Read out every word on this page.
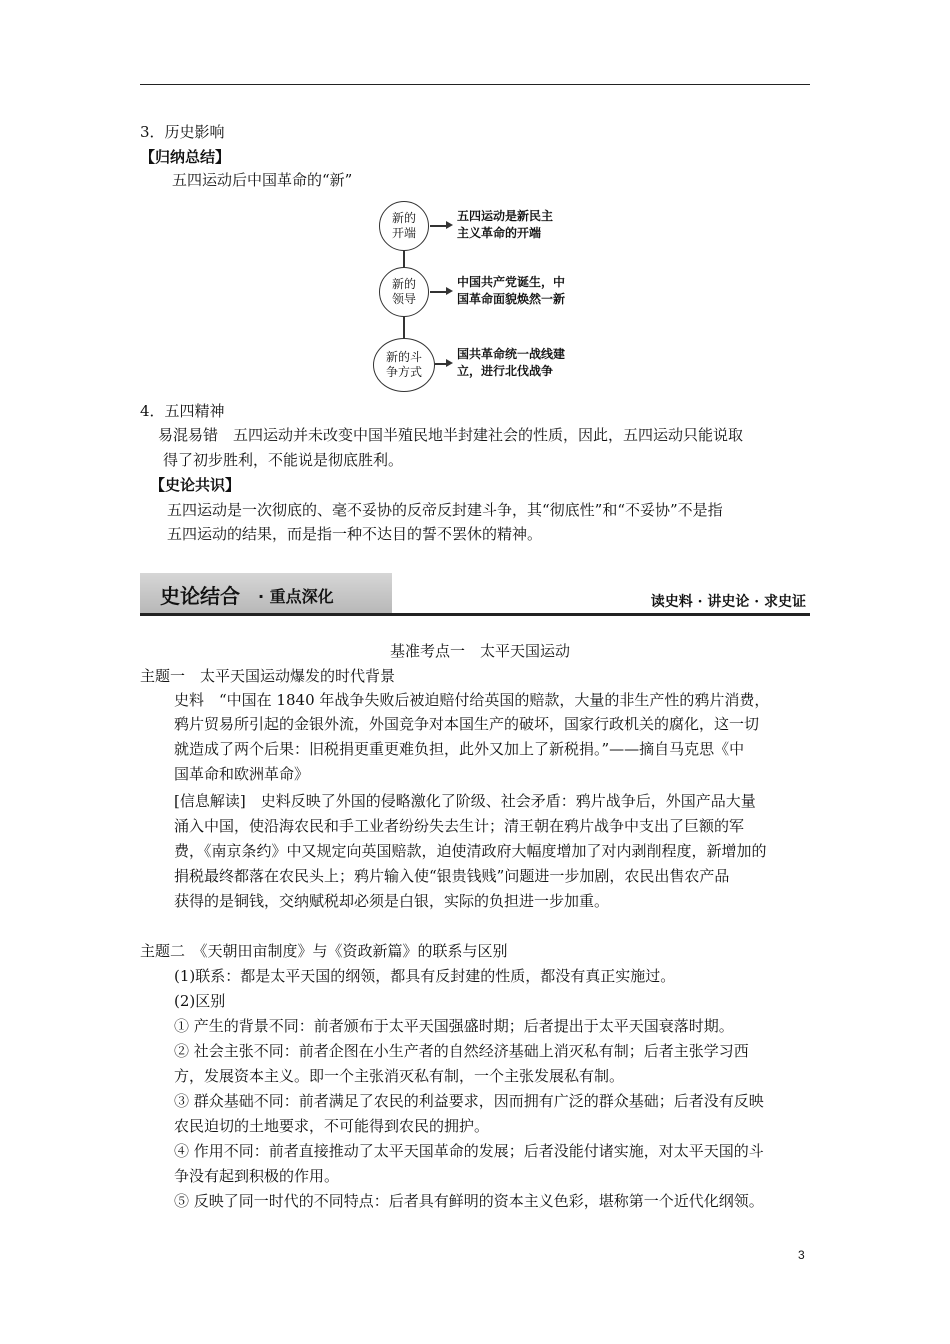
3．历史影响
【归纳总结】
五四运动后中国革命的“新”
新的
开端
五四运动是新民主
主义革命的开端
新的
领导
中国共产党诞生，中
国革命面貌焕然一新
新的斗
争方式
国共革命统一战线建
立，进行北伐战争
4．五四精神
易混易错　五四运动并未改变中国半殖民地半封建社会的性质，因此，五四运动只能说取
得了初步胜利，不能说是彻底胜利。
【史论共识】
五四运动是一次彻底的、毫不妥协的反帝反封建斗争，其“彻底性”和“不妥协”不是指
五四运动的结果，而是指一种不达目的誓不罢休的精神。
史论结合 · 重点深化	读史料 · 讲史论 · 求史证
基准考点一　太平天国运动
主题一　太平天国运动爆发的时代背景
史料　“中国在 1840 年战争失败后被迫赔付给英国的赔款，大量的非生产性的鸦片消费，
鸦片贸易所引起的金银外流，外国竞争对本国生产的破坏，国家行政机关的腐化，这一切
就造成了两个后果：旧税捐更重更难负担，此外又加上了新税捐。”——摘自马克思《中
国革命和欧洲革命》
[信息解读]　史料反映了外国的侵略激化了阶级、社会矛盾：鸦片战争后，外国产品大量
涌入中国，使沿海农民和手工业者纷纷失去生计；清王朝在鸦片战争中支出了巨额的军
费，《南京条约》中又规定向英国赔款，迫使清政府大幅度增加了对内剥削程度，新增加的
捐税最终都落在农民头上；鸦片输入使“银贵钱贱”问题进一步加剧，农民出售农产品
获得的是铜钱，交纳赋税却必须是白银，实际的负担进一步加重。
主题二　《天朝田亩制度》与《资政新篇》的联系与区别
(1)联系：都是太平天国的纲领，都具有反封建的性质，都没有真正实施过。
(2)区别
① 产生的背景不同：前者颁布于太平天国强盛时期；后者提出于太平天国衰落时期。
② 社会主张不同：前者企图在小生产者的自然经济基础上消灭私有制；后者主张学习西
方，发展资本主义。即一个主张消灭私有制，一个主张发展私有制。
③ 群众基础不同：前者满足了农民的利益要求，因而拥有广泛的群众基础；后者没有反映
农民迫切的土地要求，不可能得到农民的拥护。
④ 作用不同：前者直接推动了太平天国革命的发展；后者没能付诸实施，对太平天国的斗
争没有起到积极的作用。
⑤ 反映了同一时代的不同特点：后者具有鲜明的资本主义色彩，堪称第一个近代化纲领。
3
